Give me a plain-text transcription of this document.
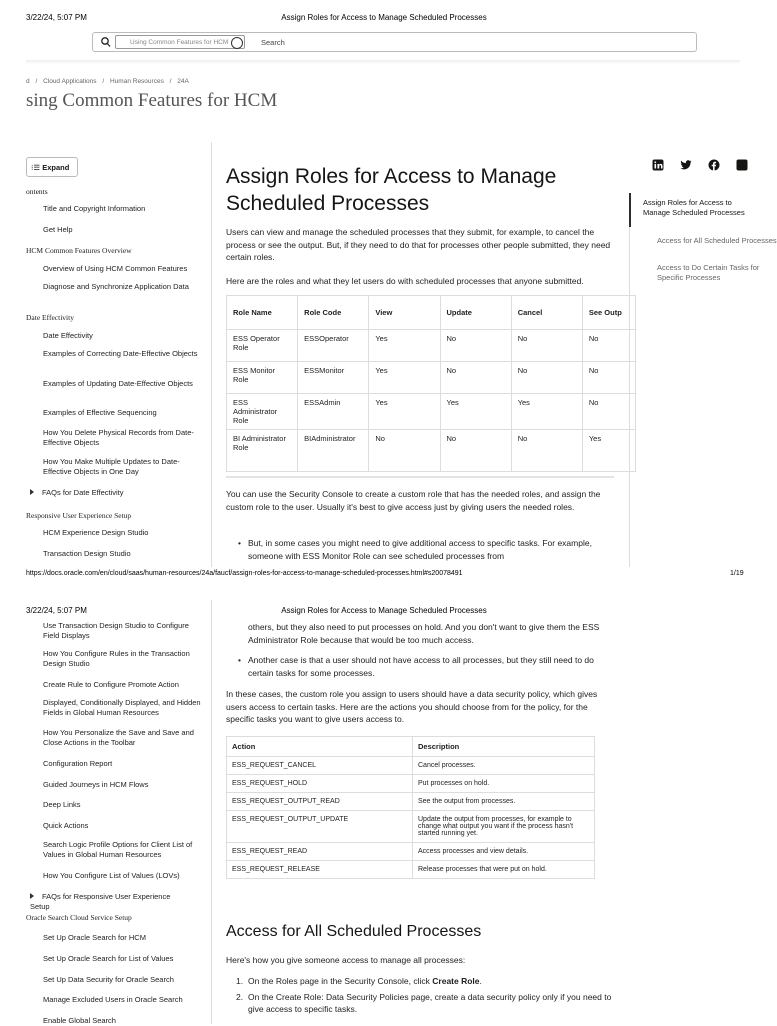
3/22/24, 5:07 PM	Assign Roles for Access to Manage Scheduled Processes
Using Common Features for HCM	Search
d / Cloud Applications / Human Resources / 24A
sing Common Features for HCM
⁝☰ Expand
ontents
Title and Copyright Information
Get Help
HCM Common Features Overview
Overview of Using HCM Common Features
Diagnose and Synchronize Application Data
Date Effectivity
Date Effectivity
Examples of Correcting Date-Effective Objects
Examples of Updating Date-Effective Objects
Examples of Effective Sequencing
How You Delete Physical Records from Date-Effective Objects
How You Make Multiple Updates to Date-Effective Objects in One Day
FAQs for Date Effectivity
Responsive User Experience Setup
HCM Experience Design Studio
Transaction Design Studio
Assign Roles for Access to Manage
Scheduled Processes
Users can view and manage the scheduled processes that they submit, for example, to cancel the process or see the output. But, if they need to do that for processes other people submitted, they need certain roles.
Here are the roles and what they let users do with scheduled processes that anyone submitted.
Role Name	Role Code	View	Update	Cancel	See Outp
ESS Operator Role	ESSOperator	Yes	No	No	No
ESS Monitor Role	ESSMonitor	Yes	No	No	No
ESS Administrator Role	ESSAdmin	Yes	Yes	Yes	No
BI Administrator Role	BIAdministrator	No	No	No	Yes
You can use the Security Console to create a custom role that has the needed roles, and assign the custom role to the user. Usually it's best to give access just by giving users the needed roles.
• But, in some cases you might need to give additional access to specific tasks. For example, someone with ESS Monitor Role can see scheduled processes from
Assign Roles for Access to Manage Scheduled Processes
Access for All Scheduled Processes
Access to Do Certain Tasks for Specific Processes
https://docs.oracle.com/en/cloud/saas/human-resources/24a/faucf/assign-roles-for-access-to-manage-scheduled-processes.html#s20078491	1/19
3/22/24, 5:07 PM	Assign Roles for Access to Manage Scheduled Processes
Use Transaction Design Studio to Configure Field Displays
How You Configure Rules in the Transaction Design Studio
Create Rule to Configure Promote Action
Displayed, Conditionally Displayed, and Hidden Fields in Global Human Resources
How You Personalize the Save and Save and Close Actions in the Toolbar
Configuration Report
Guided Journeys in HCM Flows
Deep Links
Quick Actions
Search Logic Profile Options for Client List of Values in Global Human Resources
How You Configure List of Values (LOVs)
FAQs for Responsive User Experience Setup
Oracle Search Cloud Service Setup
Set Up Oracle Search for HCM
Set Up Oracle Search for List of Values
Set Up Data Security for Oracle Search
Manage Excluded Users in Oracle Search
Enable Global Search
others, but they also need to put processes on hold. And you don't want to give them the ESS Administrator Role because that would be too much access.
• Another case is that a user should not have access to all processes, but they still need to do certain tasks for some processes.
In these cases, the custom role you assign to users should have a data security policy, which gives users access to certain tasks. Here are the actions you should choose from for the policy, for the specific tasks you want to give users access to.
Action	Description
ESS_REQUEST_CANCEL	Cancel processes.
ESS_REQUEST_HOLD	Put processes on hold.
ESS_REQUEST_OUTPUT_READ	See the output from processes.
ESS_REQUEST_OUTPUT_UPDATE	Update the output from processes, for example to change what output you want if the process hasn't started running yet.
ESS_REQUEST_READ	Access processes and view details.
ESS_REQUEST_RELEASE	Release processes that were put on hold.
Access for All Scheduled Processes
Here's how you give someone access to manage all processes:
1. On the Roles page in the Security Console, click Create Role.
2. On the Create Role: Data Security Policies page, create a data security policy only if you need to give access to specific tasks.
